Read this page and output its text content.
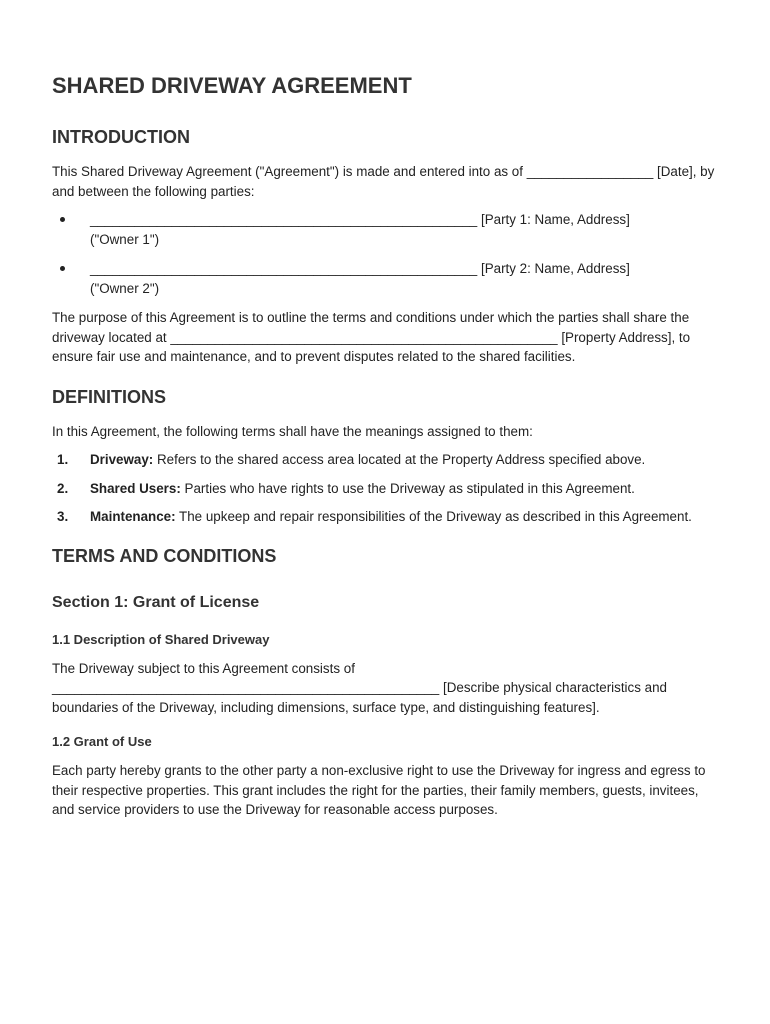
SHARED DRIVEWAY AGREEMENT
INTRODUCTION

This Shared Driveway Agreement ("Agreement") is made and entered into as of _________________ [Date], by and between the following parties:

____________________________________________________ [Party 1: Name, Address]
("Owner 1")
____________________________________________________ [Party 2: Name, Address]
("Owner 2")

The purpose of this Agreement is to outline the terms and conditions under which the parties shall share the driveway located at ____________________________________________________ [Property Address], to ensure fair use and maintenance, and to prevent disputes related to the shared facilities.

DEFINITIONS

In this Agreement, the following terms shall have the meanings assigned to them:

1. Driveway: Refers to the shared access area located at the Property Address specified above.
2. Shared Users: Parties who have rights to use the Driveway as stipulated in this Agreement.
3. Maintenance: The upkeep and repair responsibilities of the Driveway as described in this Agreement.
TERMS AND CONDITIONS
Section 1: Grant of License
1.1 Description of Shared Driveway

The Driveway subject to this Agreement consists of ____________________________________________________ [Describe physical characteristics and boundaries of the Driveway, including dimensions, surface type, and distinguishing features].

1.2 Grant of Use

Each party hereby grants to the other party a non-exclusive right to use the Driveway for ingress and egress to their respective properties. This grant includes the right for the parties, their family members, guests, invitees, and service providers to use the Driveway for reasonable access purposes.
